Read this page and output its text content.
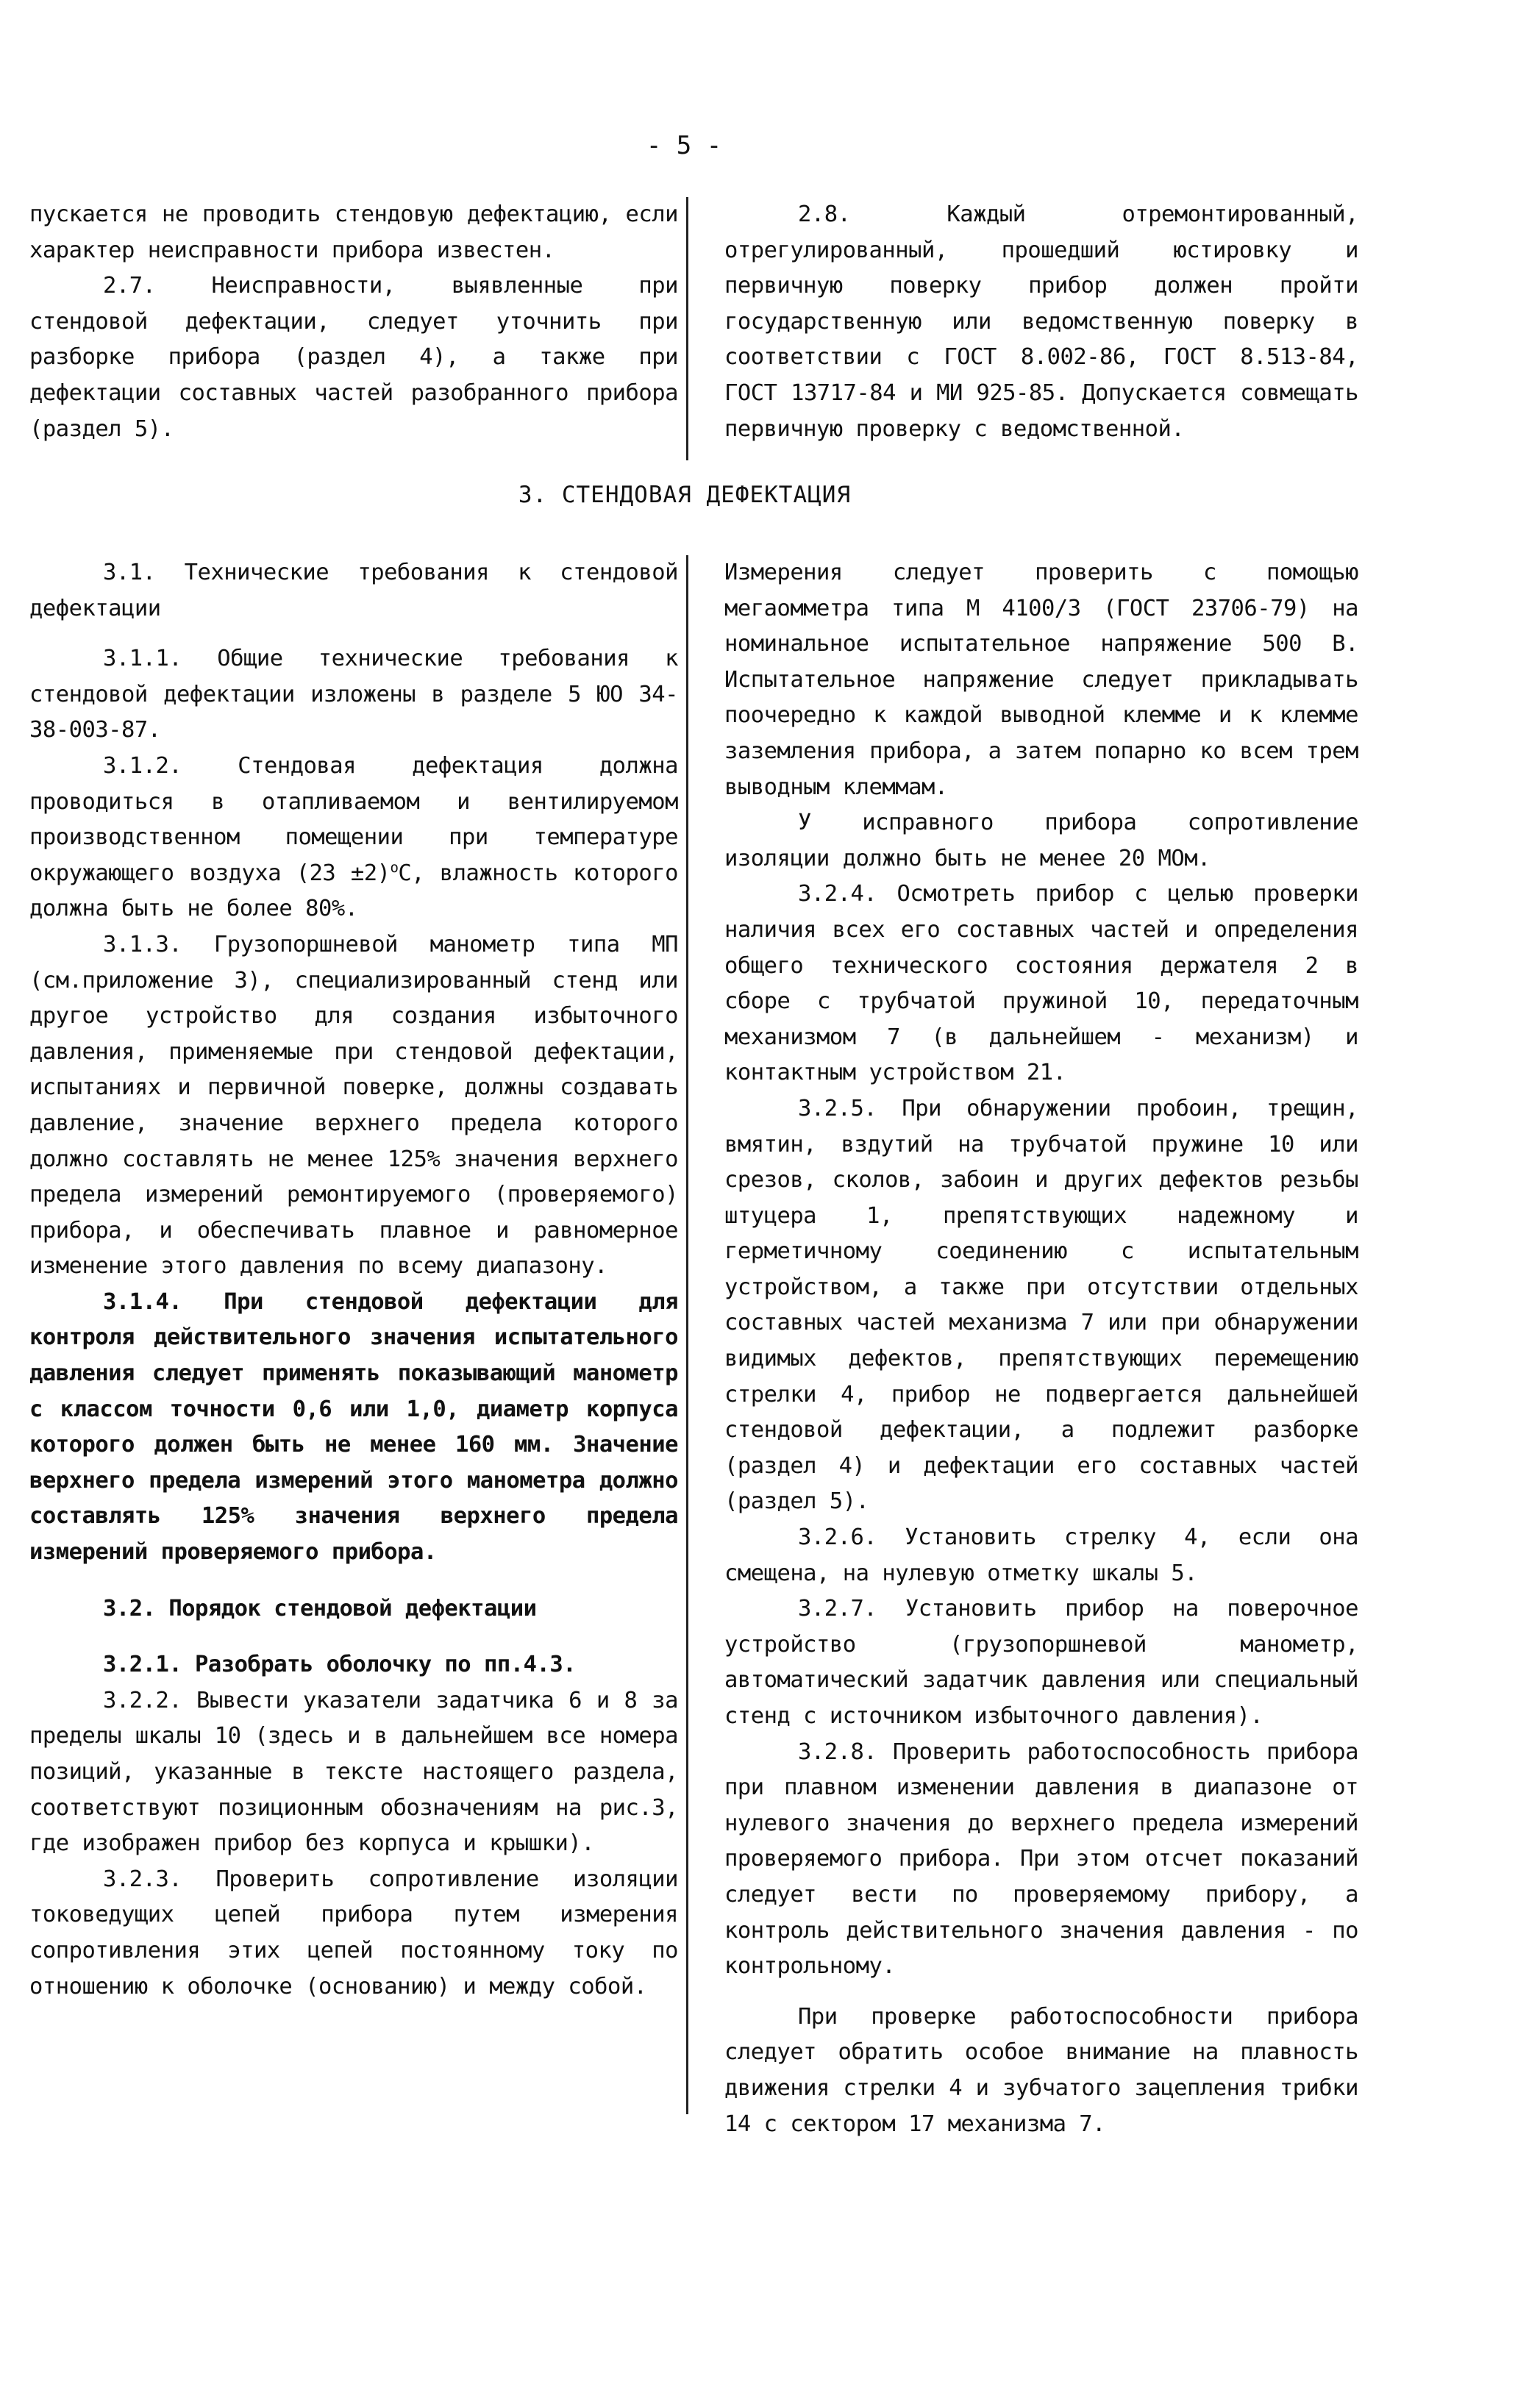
- 5 -

пускается не проводить стендовую дефектацию, если характер неисправности прибора известен.

2.7. Неисправности, выявленные при стендовой дефектации, следует уточнить при разборке прибора (раздел 4), а также при дефектации составных частей разобранного прибора (раздел 5).

2.8. Каждый отремонтированный, отрегулированный, прошедший юстировку и первичную поверку прибор должен пройти государственную или ведомственную поверку в соответствии с ГОСТ 8.002-86, ГОСТ 8.513-84, ГОСТ 13717-84 и МИ 925-85. Допускается совмещать первичную проверку с ведомственной.

3. СТЕНДОВАЯ ДЕФЕКТАЦИЯ

3.1. Технические требования к стендовой дефектации

3.1.1. Общие технические требования к стендовой дефектации изложены в разделе 5 ЮО 34-38-003-87.

3.1.2. Стендовая дефектация должна проводиться в отапливаемом и вентилируемом производственном помещении при температуре окружающего воздуха $(23 \pm 2)^оС$, влажность которого должна быть не более 80%.

3.1.3. Грузопоршневой манометр типа МП (см.приложение 3), специализированный стенд или другое устройство для создания избыточного давления, применяемые при стендовой дефектации, испытаниях и первичной поверке, должны создавать давление, значение верхнего предела которого должно составлять не менее 125% значения верхнего предела измерений ремонтируемого (проверяемого) прибора, и обеспечивать плавное и равномерное изменение этого давления по всему диапазону.

3.1.4. При стендовой дефектации для контроля действительного значения испытательного давления следует применять показывающий манометр с классом точности 0,6 или 1,0, диаметр корпуса которого должен быть не менее 160 мм. Значение верхнего предела измерений этого манометра должно составлять 125% значения верхнего предела измерений проверяемого прибора.

3.2. Порядок стендовой дефектации

3.2.1. Разобрать оболочку по пп.4.3.

3.2.2. Вывести указатели задатчика 6 и 8 за пределы шкалы 10 (здесь и в дальнейшем все номера позиций, указанные в тексте настоящего раздела, соответствуют позиционным обозначениям на рис.3, где изображен прибор без корпуса и крышки).

3.2.3. Проверить сопротивление изоляции токоведущих цепей прибора путем измерения сопротивления этих цепей постоянному току по отношению к оболочке (основанию) и между собой.

Измерения следует проверить с помощью мегаомметра типа М 4100/3 (ГОСТ 23706-79) на номинальное испытательное напряжение 500 В. Испытательное напряжение следует прикладывать поочередно к каждой выводной клемме и к клемме заземления прибора, а затем попарно ко всем трем выводным клеммам.

У исправного прибора сопротивление изоляции должно быть не менее 20 МОм.

3.2.4. Осмотреть прибор с целью проверки наличия всех его составных частей и определения общего технического состояния держателя 2 в сборе с трубчатой пружиной 10, передаточным механизмом 7 (в дальнейшем - механизм) и контактным устройством 21.

3.2.5. При обнаружении пробоин, трещин, вмятин, вздутий на трубчатой пружине 10 или срезов, сколов, забоин и других дефектов резьбы штуцера 1, препятствующих надежному и герметичному соединению с испытательным устройством, а также при отсутствии отдельных составных частей механизма 7 или при обнаружении видимых дефектов, препятствующих перемещению стрелки 4, прибор не подвергается дальнейшей стендовой дефектации, а подлежит разборке (раздел 4) и дефектации его составных частей (раздел 5).

3.2.6. Установить стрелку 4, если она смещена, на нулевую отметку шкалы 5.

3.2.7. Установить прибор на поверочное устройство (грузопоршневой манометр, автоматический задатчик давления или специальный стенд с источником избыточного давления).

3.2.8. Проверить работоспособность прибора при плавном изменении давления в диапазоне от нулевого значения до верхнего предела измерений проверяемого прибора. При этом отсчет показаний следует вести по проверяемому прибору, а контроль действительного значения давления - по контрольному.

При проверке работоспособности прибора следует обратить особое внимание на плавность движения стрелки 4 и зубчатого зацепления трибки 14 с сектором 17 механизма 7.
